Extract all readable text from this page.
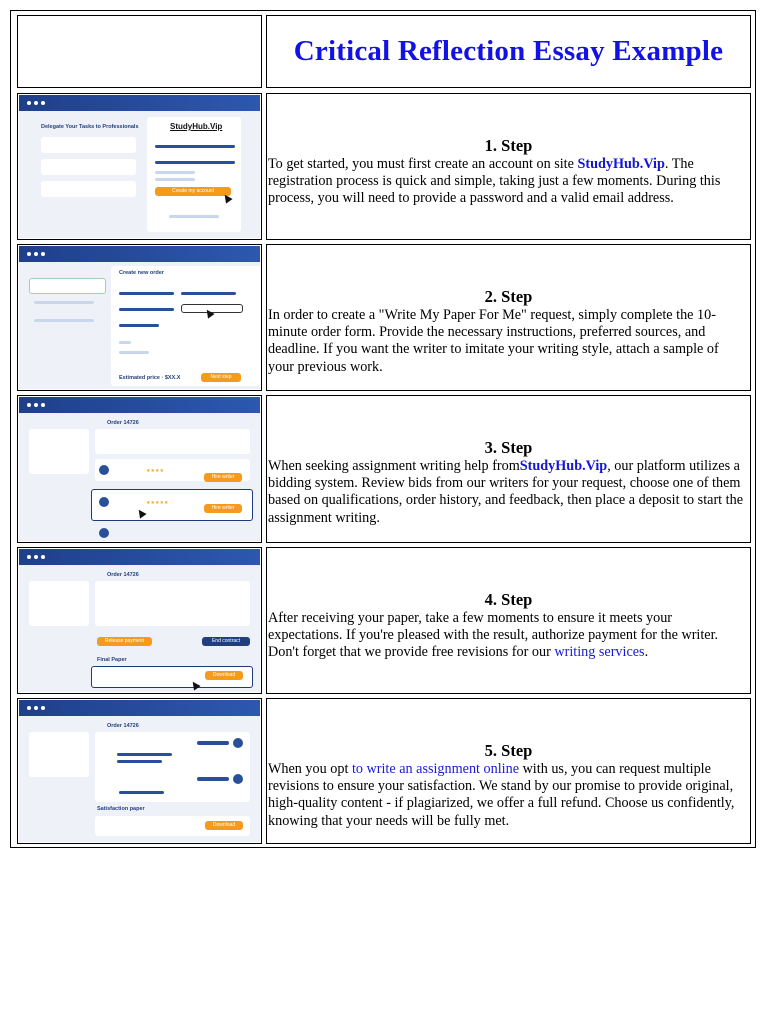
Critical Reflection Essay Example
Delegate Your Tasks to Professionals	StudyHub.Vip
Create my account
1. Step
To get started, you must first create an account on site StudyHub.Vip. The registration process is quick and simple, taking just a few moments. During this process, you will need to provide a password and a valid email address.
Create new order
Estimated price · $XX.X	Next step
2. Step
In order to create a "Write My Paper For Me" request, simply complete the 10-minute order form. Provide the necessary instructions, preferred sources, and deadline. If you want the writer to imitate your writing style, attach a sample of your previous work.
Order 14726
★★★★
Hire writer
★★★★★
Hire writer
3. Step
When seeking assignment writing help fromStudyHub.Vip, our platform utilizes a bidding system. Review bids from our writers for your request, choose one of them based on qualifications, order history, and feedback, then place a deposit to start the assignment writing.
Order 14726
Release payment	End contract
Final Paper
Download
4. Step
After receiving your paper, take a few moments to ensure it meets your expectations. If you're pleased with the result, authorize payment for the writer. Don't forget that we provide free revisions for our writing services.
Order 14726
Satisfaction paper
Download
5. Step
When you opt to write an assignment online with us, you can request multiple revisions to ensure your satisfaction. We stand by our promise to provide original, high-quality content - if plagiarized, we offer a full refund. Choose us confidently, knowing that your needs will be fully met.
